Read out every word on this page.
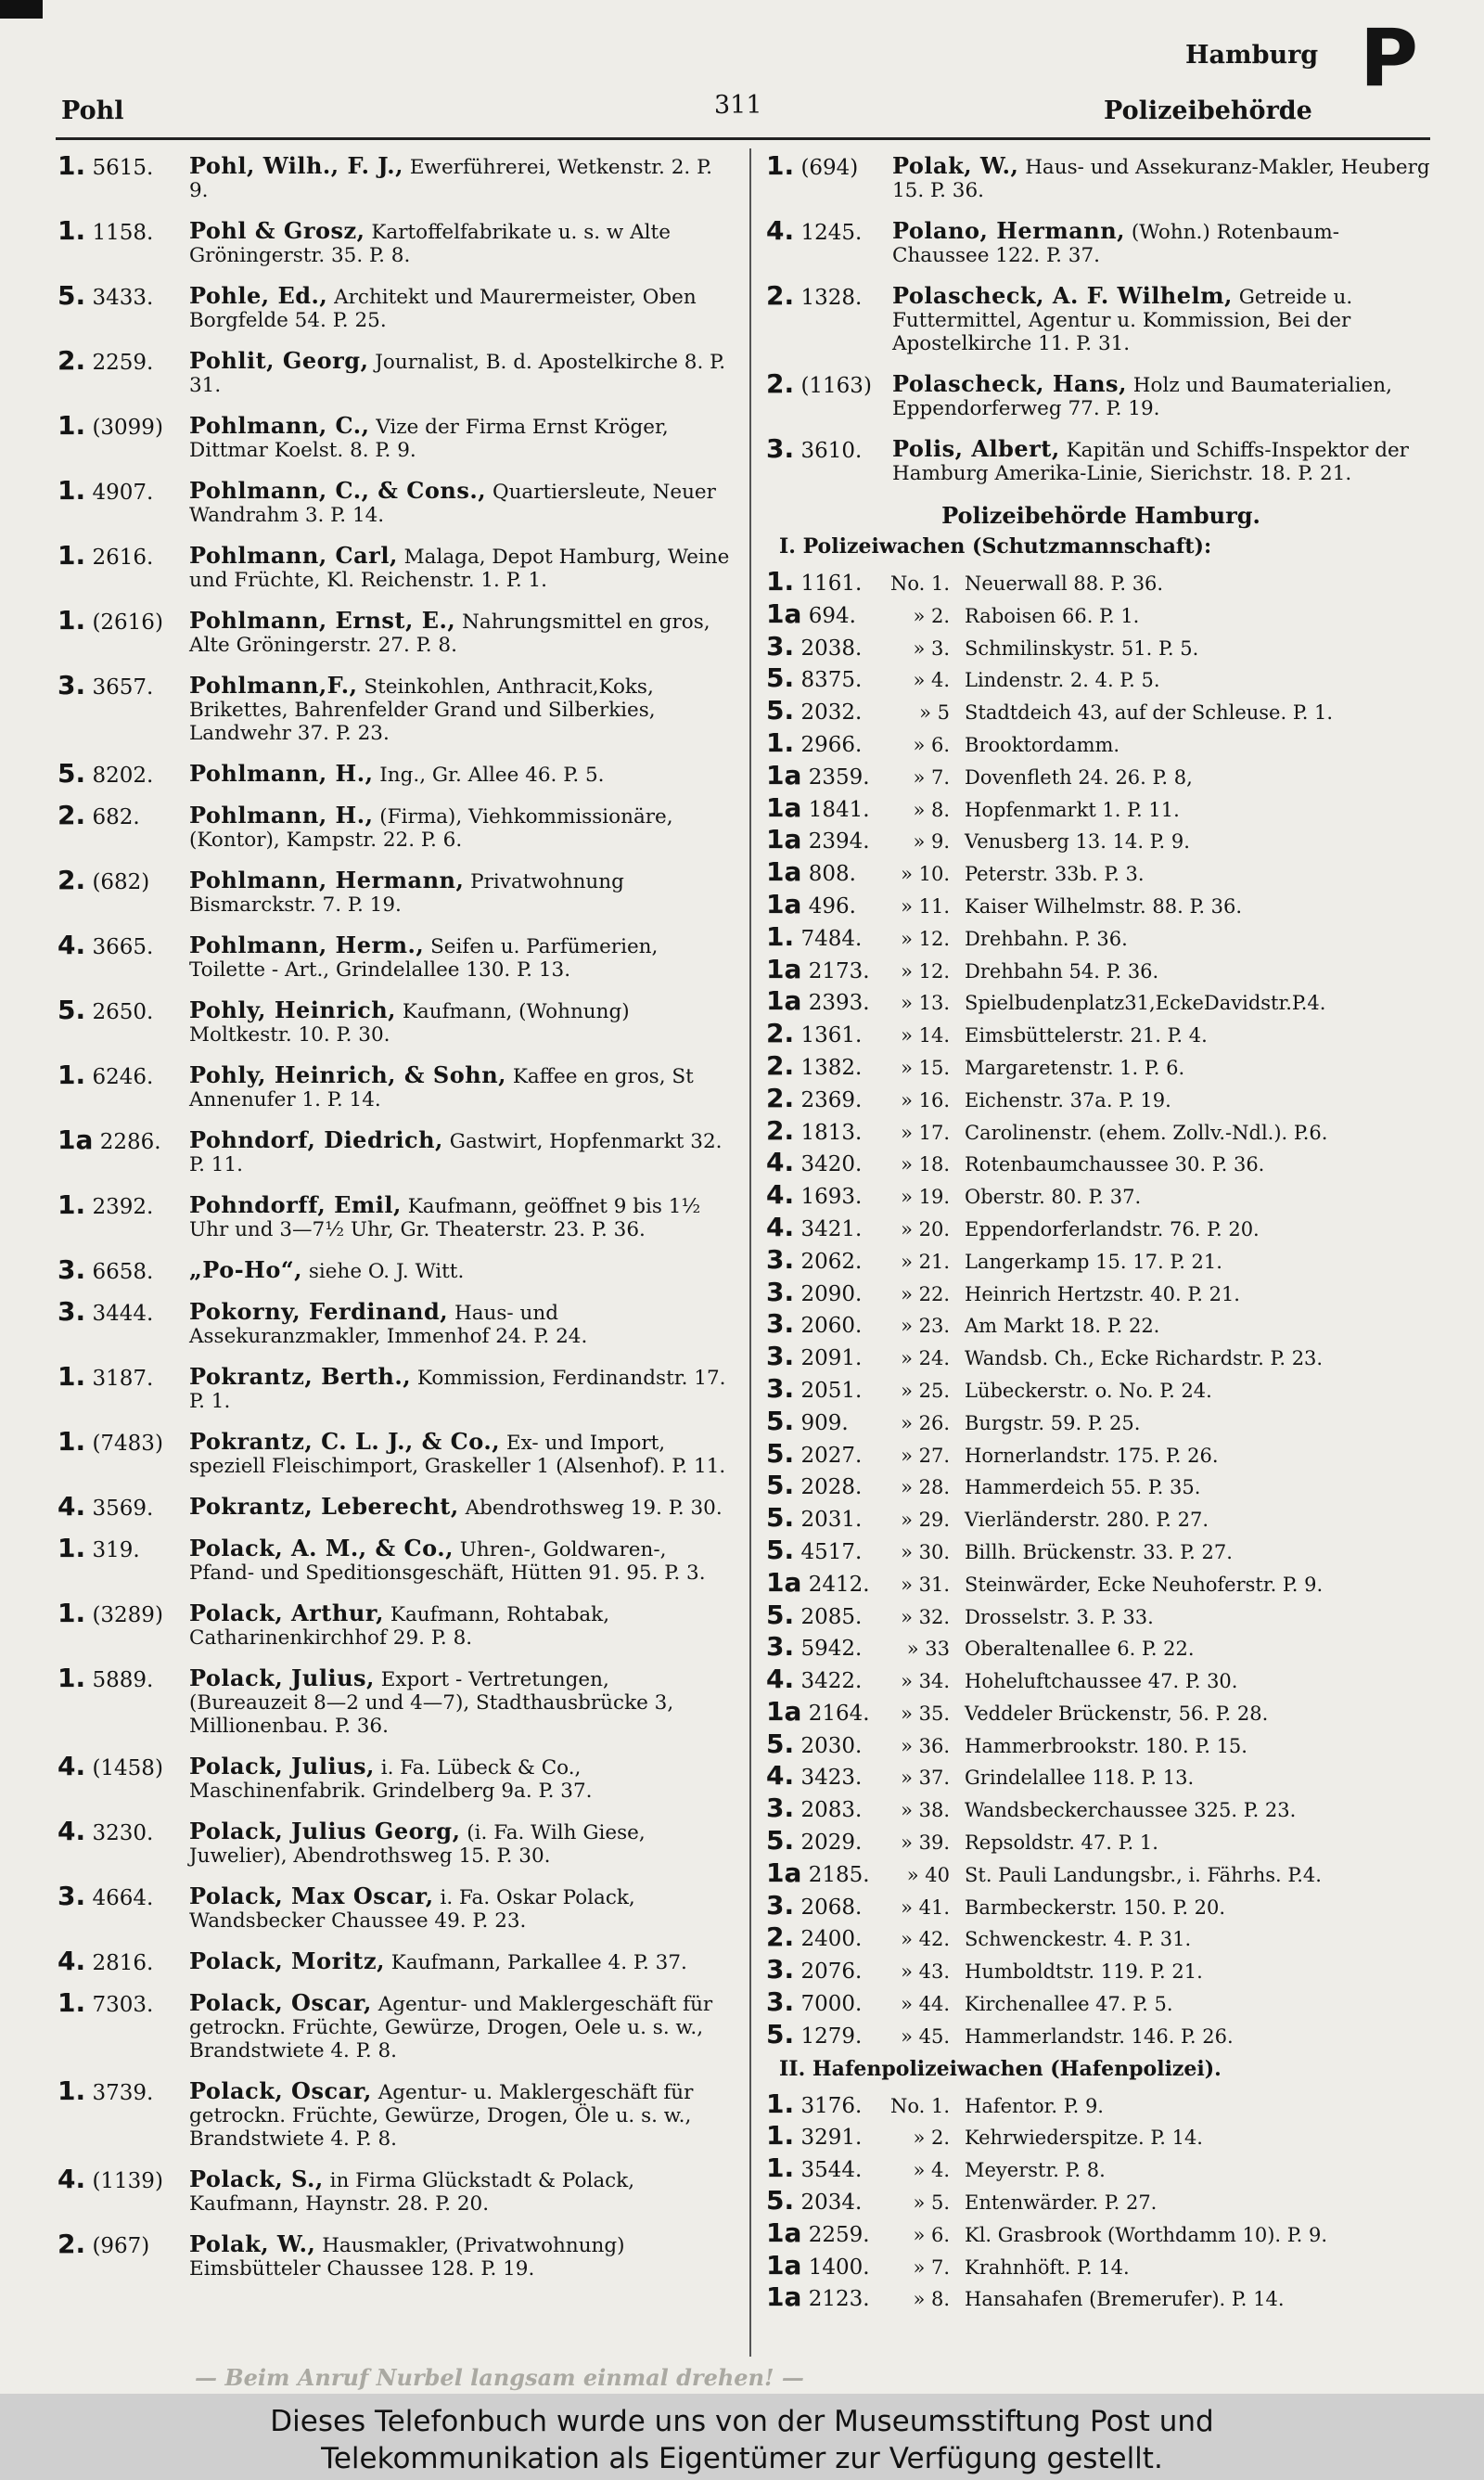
Pohl	311
Hamburg
Polizeibehörde
P
1. 5615. Pohl, Wilh., F. J., Ewerführerei, Wetkenstr. 2. P. 9.
1. 1158. Pohl & Grosz, Kartoffelfabrikate u. s. w Alte Gröningerstr. 35. P. 8.
5. 3433. Pohle, Ed., Architekt und Maurermeister, Oben Borgfelde 54. P. 25.
2. 2259. Pohlit, Georg, Journalist, B. d. Apostelkirche 8. P. 31.
1. (3099) Pohlmann, C., Vize der Firma Ernst Kröger, Dittmar Koelst. 8. P. 9.
1. 4907. Pohlmann, C., & Cons., Quartiersleute, Neuer Wandrahm 3. P. 14.
1. 2616. Pohlmann, Carl, Malaga, Depot Hamburg, Weine und Früchte, Kl. Reichenstr. 1. P. 1.
1. (2616) Pohlmann, Ernst, E., Nahrungsmittel en gros, Alte Gröningerstr. 27. P. 8.
3. 3657. Pohlmann,F., Steinkohlen, Anthracit,Koks, Brikettes, Bahrenfelder Grand und Silberkies, Landwehr 37. P. 23.
5. 8202. Pohlmann, H., Ing., Gr. Allee 46. P. 5.
2. 682. Pohlmann, H., (Firma), Viehkommissionäre, (Kontor), Kampstr. 22. P. 6.
2. (682) Pohlmann, Hermann, Privatwohnung Bismarckstr. 7. P. 19.
4. 3665. Pohlmann, Herm., Seifen u. Parfümerien, Toilette - Art., Grindelallee 130. P. 13.
5. 2650. Pohly, Heinrich, Kaufmann, (Wohnung) Moltkestr. 10. P. 30.
1. 6246. Pohly, Heinrich, & Sohn, Kaffee en gros, St Annenufer 1. P. 14.
1a 2286. Pohndorf, Diedrich, Gastwirt, Hopfenmarkt 32. P. 11.
1. 2392. Pohndorff, Emil, Kaufmann, geöffnet 9 bis 1½ Uhr und 3—7½ Uhr, Gr. Theaterstr. 23. P. 36.
3. 6658. „Po-Ho“, siehe O. J. Witt.
3. 3444. Pokorny, Ferdinand, Haus- und Assekuranzmakler, Immenhof 24. P. 24.
1. 3187. Pokrantz, Berth., Kommission, Ferdinandstr. 17. P. 1.
1. (7483) Pokrantz, C. L. J., & Co., Ex- und Import, speziell Fleischimport, Graskeller 1 (Alsenhof). P. 11.
4. 3569. Pokrantz, Leberecht, Abendrothsweg 19. P. 30.
1. 319. Polack, A. M., & Co., Uhren-, Goldwaren-, Pfand- und Speditionsgeschäft, Hütten 91. 95. P. 3.
1. (3289) Polack, Arthur, Kaufmann, Rohtabak, Catharinenkirchhof 29. P. 8.
1. 5889. Polack, Julius, Export - Vertretungen, (Bureauzeit 8—2 und 4—7), Stadthausbrücke 3, Millionenbau. P. 36.
4. (1458) Polack, Julius, i. Fa. Lübeck & Co., Maschinenfabrik. Grindelberg 9a. P. 37.
4. 3230. Polack, Julius Georg, (i. Fa. Wilh Giese, Juwelier), Abendrothsweg 15. P. 30.
3. 4664. Polack, Max Oscar, i. Fa. Oskar Polack, Wandsbecker Chaussee 49. P. 23.
4. 2816. Polack, Moritz, Kaufmann, Parkallee 4. P. 37.
1. 7303. Polack, Oscar, Agentur- und Maklergeschäft für getrockn. Früchte, Gewürze, Drogen, Oele u. s. w., Brandstwiete 4. P. 8.
1. 3739. Polack, Oscar, Agentur- u. Maklergeschäft für getrockn. Früchte, Gewürze, Drogen, Öle u. s. w., Brandstwiete 4. P. 8.
4. (1139) Polack, S., in Firma Glückstadt & Polack, Kaufmann, Haynstr. 28. P. 20.
2. (967) Polak, W., Hausmakler, (Privatwohnung) Eimsbütteler Chaussee 128. P. 19.
1. (694) Polak, W., Haus- und Assekuranz-Makler, Heuberg 15. P. 36.
4. 1245. Polano, Hermann, (Wohn.) Rotenbaum-Chaussee 122. P. 37.
2. 1328. Polascheck, A. F. Wilhelm, Getreide u. Futtermittel, Agentur u. Kommission, Bei der Apostelkirche 11. P. 31.
2. (1163) Polascheck, Hans, Holz und Baumaterialien, Eppendorferweg 77. P. 19.
3. 3610. Polis, Albert, Kapitän und Schiffs-Inspektor der Hamburg Amerika-Linie, Sierichstr. 18. P. 21.
Polizeibehörde Hamburg.
I. Polizeiwachen (Schutzmannschaft):
1. 1161.	No. 1. Neuerwall 88. P. 36.
1a 694.	» 2. Raboisen 66. P. 1.
3. 2038.	» 3. Schmilinskystr. 51. P. 5.
5. 8375.	» 4. Lindenstr. 2. 4. P. 5.
5. 2032.	» 5 Stadtdeich 43, auf der Schleuse. P. 1.
1. 2966.	» 6. Brooktordamm.
1a 2359.	» 7. Dovenfleth 24. 26. P. 8,
1a 1841.	» 8. Hopfenmarkt 1. P. 11.
1a 2394.	» 9. Venusberg 13. 14. P. 9.
1a 808.	» 10. Peterstr. 33b. P. 3.
1a 496.	» 11. Kaiser Wilhelmstr. 88. P. 36.
1. 7484.	» 12. Drehbahn. P. 36.
1a 2173.	» 12. Drehbahn 54. P. 36.
1a 2393.	» 13. Spielbudenplatz31,EckeDavidstr.P.4.
2. 1361.	» 14. Eimsbüttelerstr. 21. P. 4.
2. 1382.	» 15. Margaretenstr. 1. P. 6.
2. 2369.	» 16. Eichenstr. 37a. P. 19.
2. 1813.	» 17. Carolinenstr. (ehem. Zollv.-Ndl.). P.6.
4. 3420.	» 18. Rotenbaumchaussee 30. P. 36.
4. 1693.	» 19. Oberstr. 80. P. 37.
4. 3421.	» 20. Eppendorferlandstr. 76. P. 20.
3. 2062.	» 21. Langerkamp 15. 17. P. 21.
3. 2090.	» 22. Heinrich Hertzstr. 40. P. 21.
3. 2060.	» 23. Am Markt 18. P. 22.
3. 2091.	» 24. Wandsb. Ch., Ecke Richardstr. P. 23.
3. 2051.	» 25. Lübeckerstr. o. No. P. 24.
5. 909.	» 26. Burgstr. 59. P. 25.
5. 2027.	» 27. Hornerlandstr. 175. P. 26.
5. 2028.	» 28. Hammerdeich 55. P. 35.
5. 2031.	» 29. Vierländerstr. 280. P. 27.
5. 4517.	» 30. Billh. Brückenstr. 33. P. 27.
1a 2412.	» 31. Steinwärder, Ecke Neuhoferstr. P. 9.
5. 2085.	» 32. Drosselstr. 3. P. 33.
3. 5942.	» 33 Oberaltenallee 6. P. 22.
4. 3422.	» 34. Hoheluftchaussee 47. P. 30.
1a 2164.	» 35. Veddeler Brückenstr, 56. P. 28.
5. 2030.	» 36. Hammerbrookstr. 180. P. 15.
4. 3423.	» 37. Grindelallee 118. P. 13.
3. 2083.	» 38. Wandsbeckerchaussee 325. P. 23.
5. 2029.	» 39. Repsoldstr. 47. P. 1.
1a 2185.	» 40 St. Pauli Landungsbr., i. Fährhs. P.4.
3. 2068.	» 41. Barmbeckerstr. 150. P. 20.
2. 2400.	» 42. Schwenckestr. 4. P. 31.
3. 2076.	» 43. Humboldtstr. 119. P. 21.
3. 7000.	» 44. Kirchenallee 47. P. 5.
5. 1279.	» 45. Hammerlandstr. 146. P. 26.
II. Hafenpolizeiwachen (Hafenpolizei).
1. 3176.	No. 1. Hafentor. P. 9.
1. 3291.	» 2. Kehrwiederspitze. P. 14.
1. 3544.	» 4. Meyerstr. P. 8.
5. 2034.	» 5. Entenwärder. P. 27.
1a 2259.	» 6. Kl. Grasbrook (Worthdamm 10). P. 9.
1a 1400.	» 7. Krahnhöft. P. 14.
1a 2123.	» 8. Hansahafen (Bremerufer). P. 14.
— Beim Anruf Nurbel langsam einmal drehen! —
Dieses Telefonbuch wurde uns von der Museumsstiftung Post und
Telekommunikation als Eigentümer zur Verfügung gestellt.
